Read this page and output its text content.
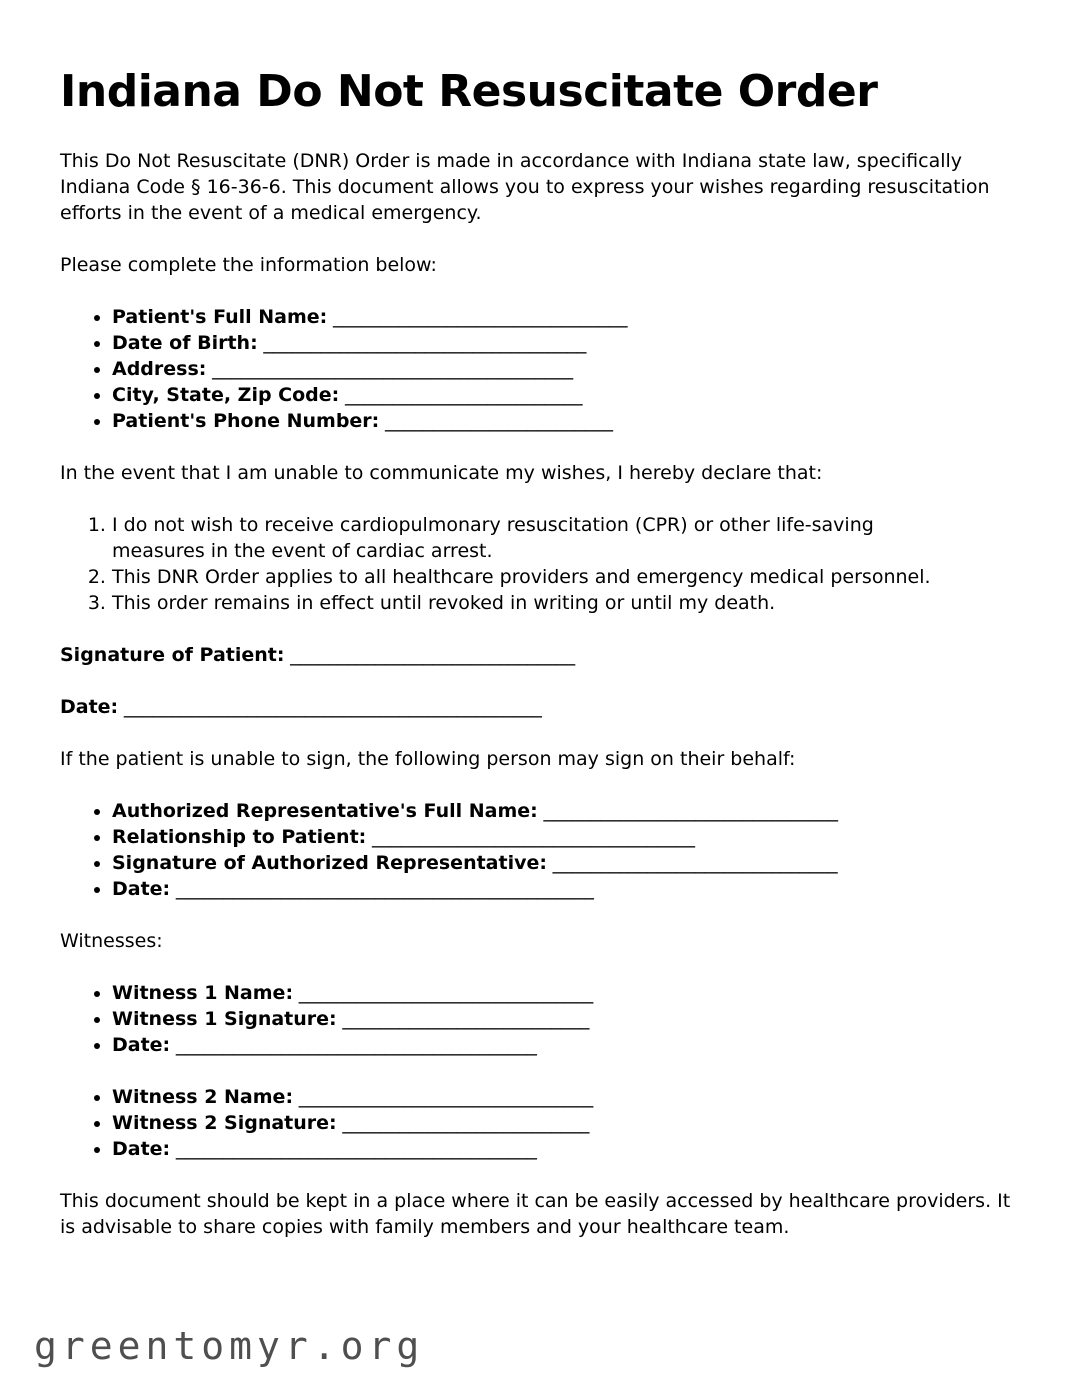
Indiana Do Not Resuscitate Order

This Do Not Resuscitate (DNR) Order is made in accordance with Indiana state law, specifically Indiana Code § 16-36-6. This document allows you to express your wishes regarding resuscitation efforts in the event of a medical emergency.

Please complete the information below:

• Patient's Full Name: _______________________________
• Date of Birth: __________________________________
• Address: ______________________________________
• City, State, Zip Code: _________________________
• Patient's Phone Number: ________________________

In the event that I am unable to communicate my wishes, I hereby declare that:

1. I do not wish to receive cardiopulmonary resuscitation (CPR) or other life-saving measures in the event of cardiac arrest.
2. This DNR Order applies to all healthcare providers and emergency medical personnel.
3. This order remains in effect until revoked in writing or until my death.

Signature of Patient: ______________________________

Date: ____________________________________________

If the patient is unable to sign, the following person may sign on their behalf:

• Authorized Representative's Full Name: _______________________________
• Relationship to Patient: __________________________________
• Signature of Authorized Representative: ______________________________
• Date: ____________________________________________

Witnesses:

• Witness 1 Name: _______________________________
• Witness 1 Signature: __________________________
• Date: ______________________________________
• Witness 2 Name: _______________________________
• Witness 2 Signature: __________________________
• Date: ______________________________________

This document should be kept in a place where it can be easily accessed by healthcare providers. It is advisable to share copies with family members and your healthcare team.

greentomyr.org
